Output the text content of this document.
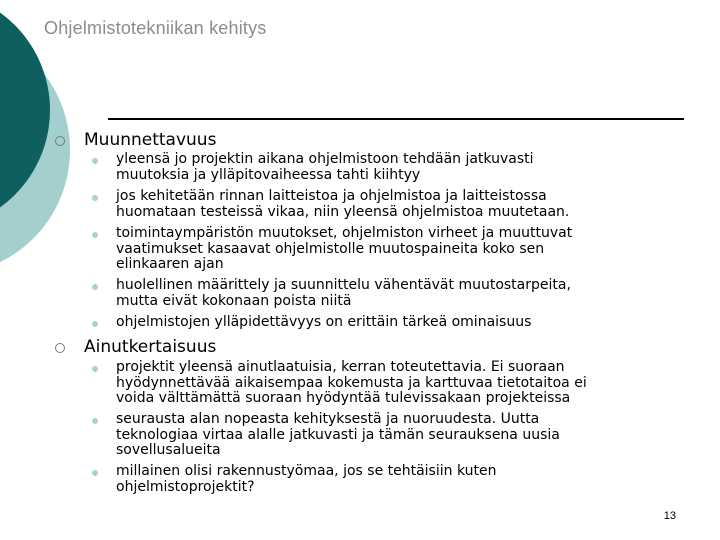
Ohjelmistotekniikan kehitys
Muunnettavuus
yleensä jo projektin aikana ohjelmistoon tehdään jatkuvasti
muutoksia ja ylläpitovaiheessa tahti kiihtyy
jos kehitetään rinnan laitteistoa ja ohjelmistoa ja laitteistossa
huomataan testeissä vikaa, niin yleensä ohjelmistoa muutetaan.
toimintaympäristön muutokset, ohjelmiston virheet ja muuttuvat
vaatimukset kasaavat ohjelmistolle muutospaineita koko sen
elinkaaren ajan
huolellinen määrittely ja suunnittelu vähentävät muutostarpeita,
mutta eivät kokonaan poista niitä
ohjelmistojen ylläpidettävyys on erittäin tärkeä ominaisuus
Ainutkertaisuus
projektit yleensä ainutlaatuisia, kerran toteutettavia. Ei suoraan
hyödynnettävää aikaisempaa kokemusta ja karttuvaa tietotaitoa ei
voida välttämättä suoraan hyödyntää tulevissakaan projekteissa
seurausta alan nopeasta kehityksestä ja nuoruudesta. Uutta
teknologiaa virtaa alalle jatkuvasti ja tämän seurauksena uusia
sovellusalueita
millainen olisi rakennustyömaa, jos se tehtäisiin kuten
ohjelmistoprojektit?
13
